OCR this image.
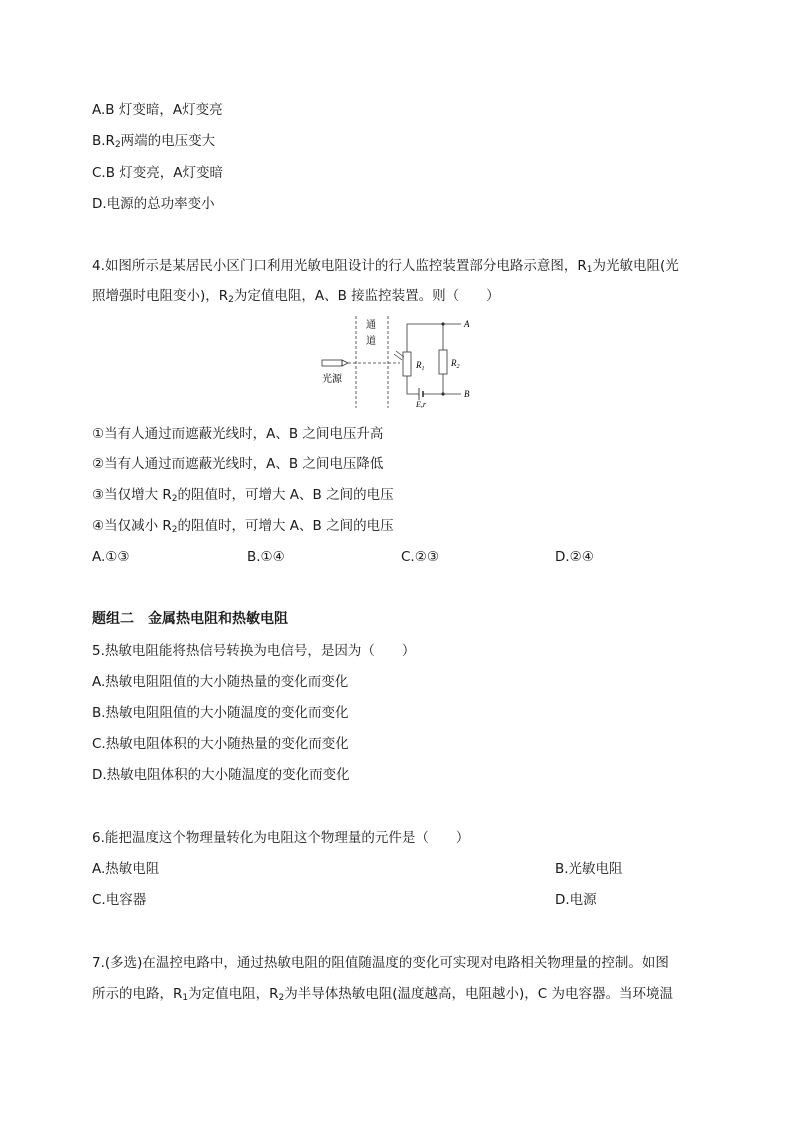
A.B 灯变暗，A灯变亮
$B.R_2$两端的电压变大
C.B 灯变亮，A灯变暗
D.电源的总功率变小
4.如图所示是某居民小区门口利用光敏电阻设计的行人监控装置部分电路示意图，$R_1$为光敏电阻(光
照增强时电阻变小)，$R_2$为定值电阻，A、B 接监控装置。则（　　）
通
道
光源
$R_1$
$R_2$
E,r
A
B
①当有人通过而遮蔽光线时，A、B 之间电压升高
②当有人通过而遮蔽光线时，A、B 之间电压降低
③当仅增大 $R_2$的阻值时，可增大 A、B 之间的电压
④当仅减小 $R_2$的阻值时，可增大 A、B 之间的电压
A.①③	B.①④	C.②③	D.②④
题组二　金属热电阻和热敏电阻
5.热敏电阻能将热信号转换为电信号，是因为（　　）
A.热敏电阻阻值的大小随热量的变化而变化
B.热敏电阻阻值的大小随温度的变化而变化
C.热敏电阻体积的大小随热量的变化而变化
D.热敏电阻体积的大小随温度的变化而变化
6.能把温度这个物理量转化为电阻这个物理量的元件是（　　）
A.热敏电阻	B.光敏电阻
C.电容器	D.电源
7.(多选)在温控电路中，通过热敏电阻的阻值随温度的变化可实现对电路相关物理量的控制。如图
所示的电路，$R_1$为定值电阻，$R_2$为半导体热敏电阻(温度越高，电阻越小)，C 为电容器。当环境温
